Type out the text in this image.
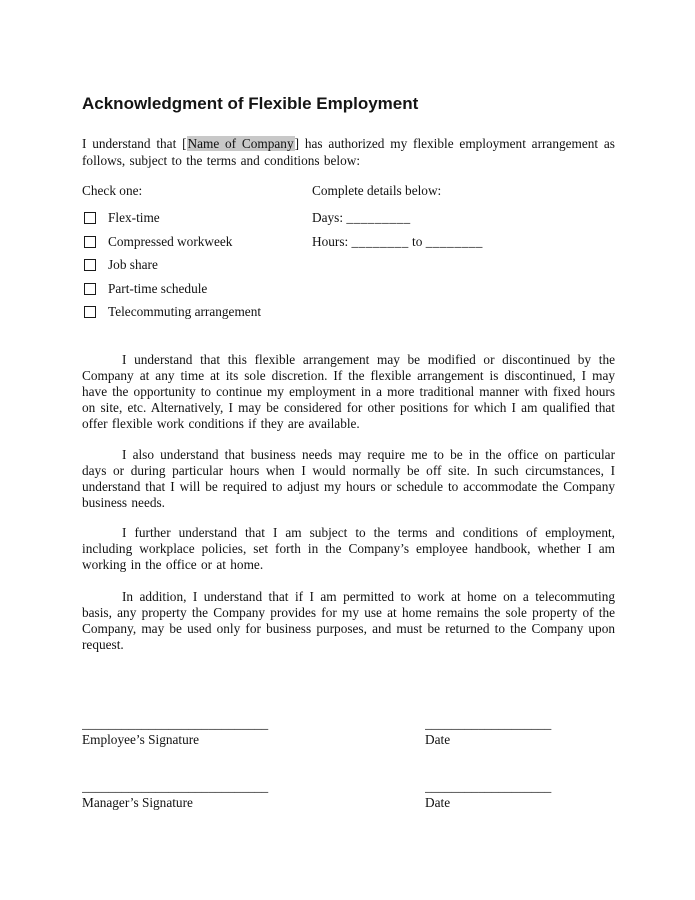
Acknowledgment of Flexible Employment

I understand that [Name of Company] has authorized my flexible employment arrangement as follows, subject to the terms and conditions below:

Check one:	Complete details below:
Flex-time	Days: _________
Compressed workweek	Hours: ________ to ________
Job share
Part-time schedule
Telecommuting arrangement

I understand that this flexible arrangement may be modified or discontinued by the Company at any time at its sole discretion. If the flexible arrangement is discontinued, I may have the opportunity to continue my employment in a more traditional manner with fixed hours on site, etc. Alternatively, I may be considered for other positions for which I am qualified that offer flexible work conditions if they are available.

I also understand that business needs may require me to be in the office on particular days or during particular hours when I would normally be off site. In such circumstances, I understand that I will be required to adjust my hours or schedule to accommodate the Company business needs.

I further understand that I am subject to the terms and conditions of employment, including workplace policies, set forth in the Company’s employee handbook, whether I am working in the office or at home.

In addition, I understand that if I am permitted to work at home on a telecommuting basis, any property the Company provides for my use at home remains the sole property of the Company, may be used only for business purposes, and must be returned to the Company upon request.

____________________________
Employee’s Signature
___________________
Date
____________________________
Manager’s Signature
___________________
Date
